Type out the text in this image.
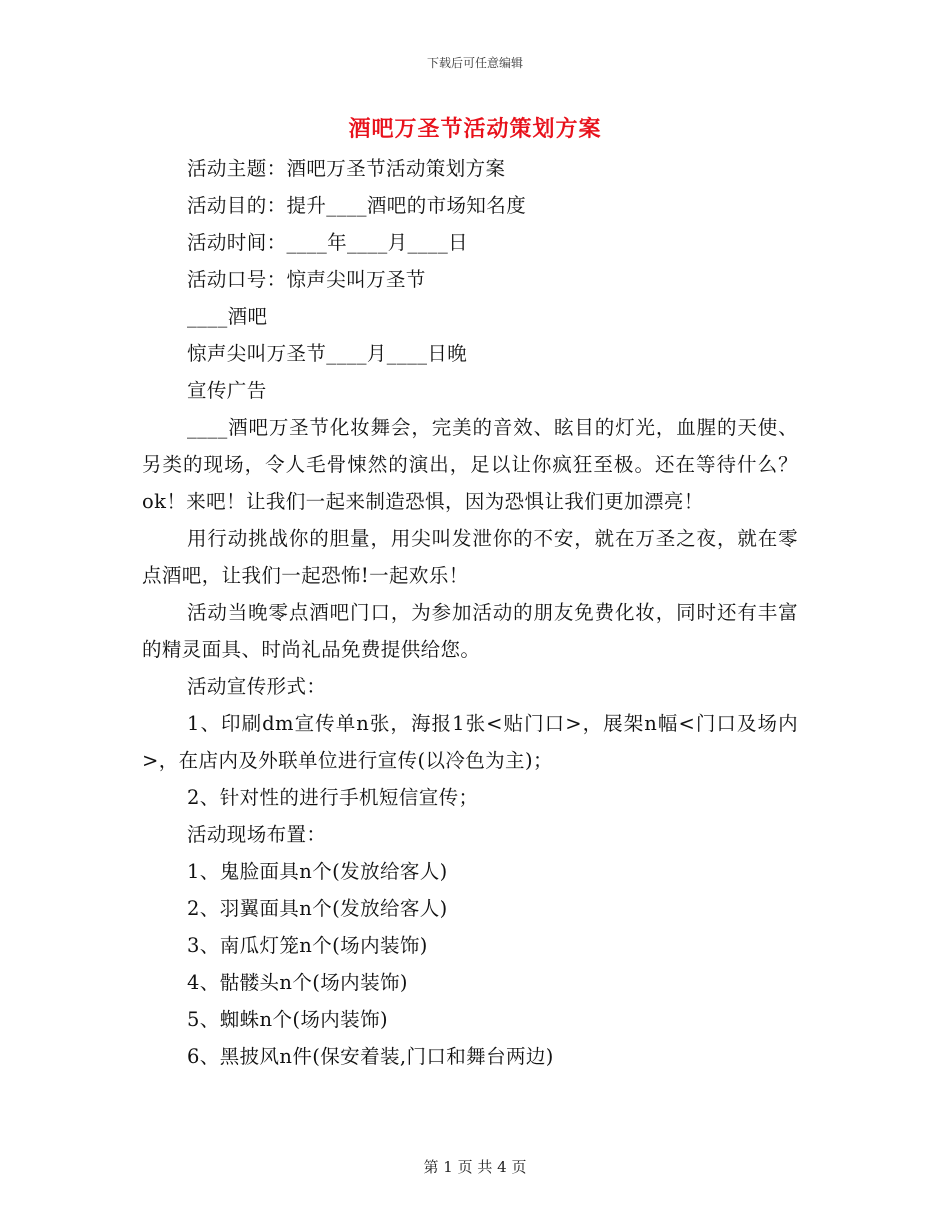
下载后可任意编辑
酒吧万圣节活动策划方案
活动主题：酒吧万圣节活动策划方案
活动目的：提升____酒吧的市场知名度
活动时间：____年____月____日
活动口号：惊声尖叫万圣节
____酒吧
惊声尖叫万圣节____月____日晚
宣传广告

____酒吧万圣节化妆舞会，完美的音效、眩目的灯光，血腥的天使、另类的现场，令人毛骨悚然的演出，足以让你疯狂至极。还在等待什么？ok！来吧！让我们一起来制造恐惧，因为恐惧让我们更加漂亮！

用行动挑战你的胆量，用尖叫发泄你的不安，就在万圣之夜，就在零点酒吧，让我们一起恐怖!一起欢乐！

活动当晚零点酒吧门口，为参加活动的朋友免费化妆，同时还有丰富的精灵面具、时尚礼品免费提供给您。

活动宣传形式：

1、印刷dm宣传单n张，海报1张<贴门口>，展架n幅<门口及场内>，在店内及外联单位进行宣传(以冷色为主)；

2、针对性的进行手机短信宣传；
活动现场布置：
1、鬼脸面具n个(发放给客人)
2、羽翼面具n个(发放给客人)
3、南瓜灯笼n个(场内装饰)
4、骷髅头n个(场内装饰)
5、蜘蛛n个(场内装饰)
6、黑披风n件(保安着装,门口和舞台两边)
第 1 页 共 4 页
